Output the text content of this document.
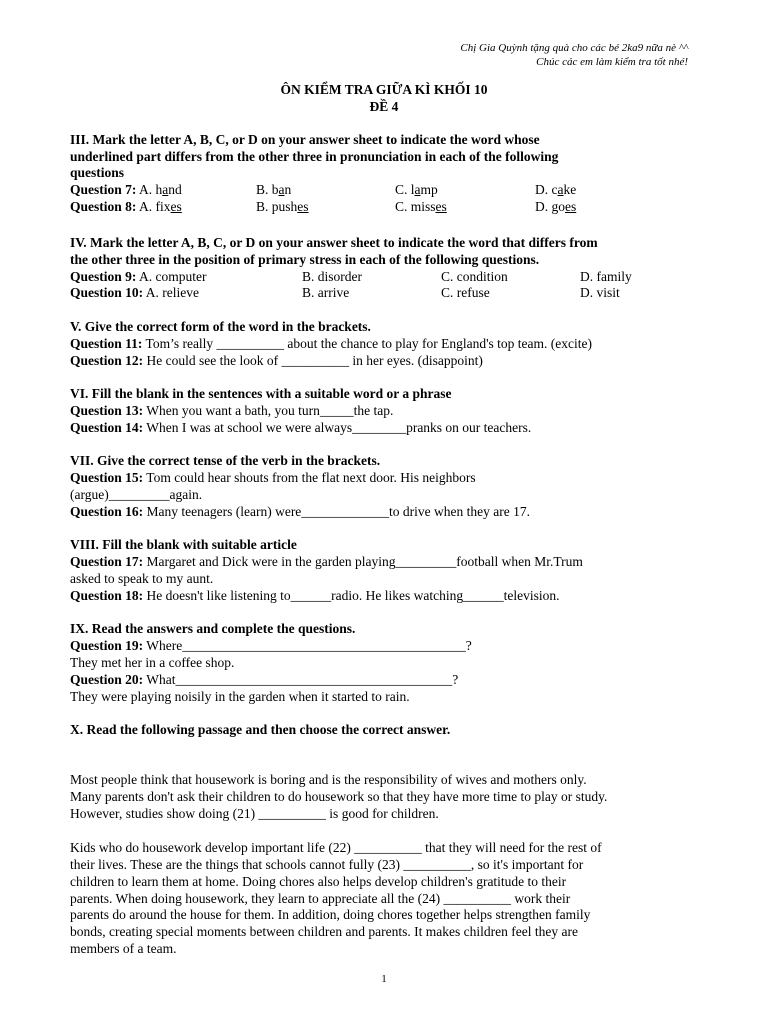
Chị Gia Quỳnh tặng quà cho các bé 2ka9 nữa nè ^^
Chúc các em làm kiểm tra tốt nhé!
ÔN KIỂM TRA GIỮA KÌ KHỐI 10
ĐỀ 4
III. Mark the letter A, B, C, or D on your answer sheet to indicate the word whose
underlined part differs from the other three in pronunciation in each of the following
questions
Question 7: A. hand	B. ban	C. lamp	D. cake
Question 8: A. fixes	B. pushes	C. misses	D. goes
IV. Mark the letter A, B, C, or D on your answer sheet to indicate the word that differs from
the other three in the position of primary stress in each of the following questions.
Question 9: A. computer	B. disorder	C. condition	D. family
Question 10: A. relieve	B. arrive	C. refuse	D. visit
V. Give the correct form of the word in the brackets.
Question 11: Tom’s really __________ about the chance to play for England's top team. (excite)
Question 12: He could see the look of __________ in her eyes. (disappoint)
VI. Fill the blank in the sentences with a suitable word or a phrase
Question 13: When you want a bath, you turn_____the tap.
Question 14: When I was at school we were always________pranks on our teachers.
VII. Give the correct tense of the verb in the brackets.
Question 15: Tom could hear shouts from the flat next door. His neighbors
(argue)_________again.
Question 16: Many teenagers (learn) were_____________to drive when they are 17.
VIII. Fill the blank with suitable article
Question 17: Margaret and Dick were in the garden playing_________football when Mr.Trum
asked to speak to my aunt.
Question 18: He doesn't like listening to______radio. He likes watching______television.
IX. Read the answers and complete the questions.
Question 19: Where__________________________________________?
They met her in a coffee shop.
Question 20: What_________________________________________?
They were playing noisily in the garden when it started to rain.
X. Read the following passage and then choose the correct answer.
Most people think that housework is boring and is the responsibility of wives and mothers only.
Many parents don't ask their children to do housework so that they have more time to play or study.
However, studies show doing (21) __________ is good for children.
Kids who do housework develop important life (22) __________ that they will need for the rest of
their lives. These are the things that schools cannot fully (23) __________, so it's important for
children to learn them at home. Doing chores also helps develop children's gratitude to their
parents. When doing housework, they learn to appreciate all the (24) __________ work their
parents do around the house for them. In addition, doing chores together helps strengthen family
bonds, creating special moments between children and parents. It makes children feel they are
members of a team.
1
